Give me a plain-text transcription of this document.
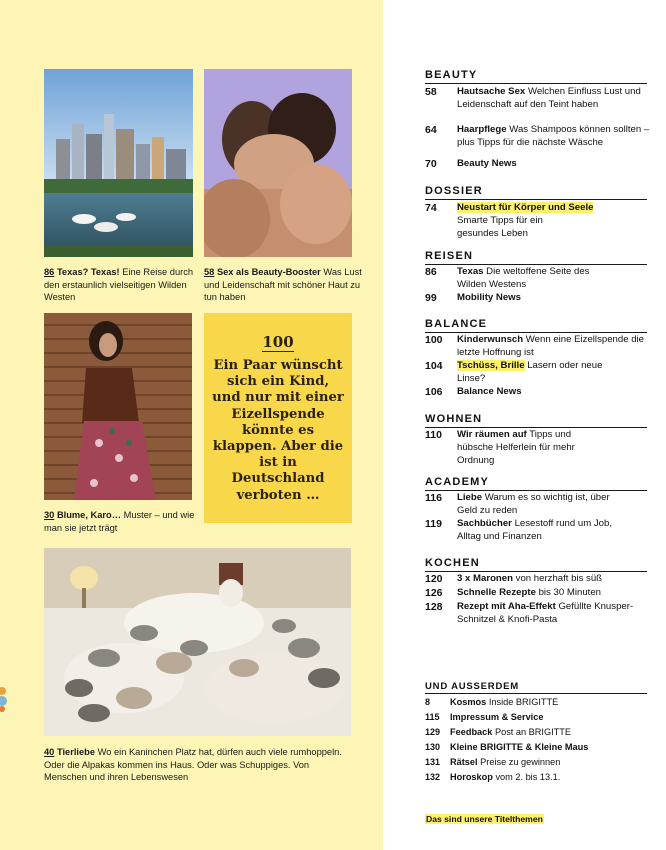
86 Texas? Texas! Eine Reise durch den erstaunlich vielseitigen Wilden Westen
58 Sex als Beauty-Booster Was Lust und Leidenschaft mit schöner Haut zu tun haben
100
Ein Paar wünscht sich ein Kind, und nur mit einer Eizellspende könnte es klappen. Aber die ist in Deutschland verboten …
30 Blume, Karo… Muster – und wie man sie jetzt trägt
40 Tierliebe Wo ein Kaninchen Platz hat, dürfen auch viele rumhoppeln. Oder die Alpakas kommen ins Haus. Oder was Schuppiges. Von Menschen und ihren Lebenswesen
BEAUTY
58 Hautsache Sex Welchen Einfluss Lust und Leidenschaft auf den Teint haben
64 Haarpflege Was Shampoos können sollten – plus Tipps für die nächste Wäsche
70 Beauty News
DOSSIER
74 Neustart für Körper und Seele
Smarte Tipps für ein gesundes Leben
REISEN
86 Texas Die weltoffene Seite des Wilden Westens
99 Mobility News
BALANCE
100 Kinderwunsch Wenn eine Eizellspende die letzte Hoffnung ist
104 Tschüss, Brille Lasern oder neue Linse?
106 Balance News
WOHNEN
110 Wir räumen auf Tipps und hübsche Helferlein für mehr Ordnung
ACADEMY
116 Liebe Warum es so wichtig ist, über Geld zu reden
119 Sachbücher Lesestoff rund um Job, Alltag und Finanzen
KOCHEN
120 3 x Maronen von herzhaft bis süß
126 Schnelle Rezepte bis 30 Minuten
128 Rezept mit Aha-Effekt Gefüllte Knusper-Schnitzel & Knofi-Pasta
UND AUSSERDEM
8 Kosmos Inside BRIGITTE
115 Impressum & Service
129 Feedback Post an BRIGITTE
130 Kleine BRIGITTE & Kleine Maus
131 Rätsel Preise zu gewinnen
132 Horoskop vom 2. bis 13.1.
Das sind unsere Titelthemen
